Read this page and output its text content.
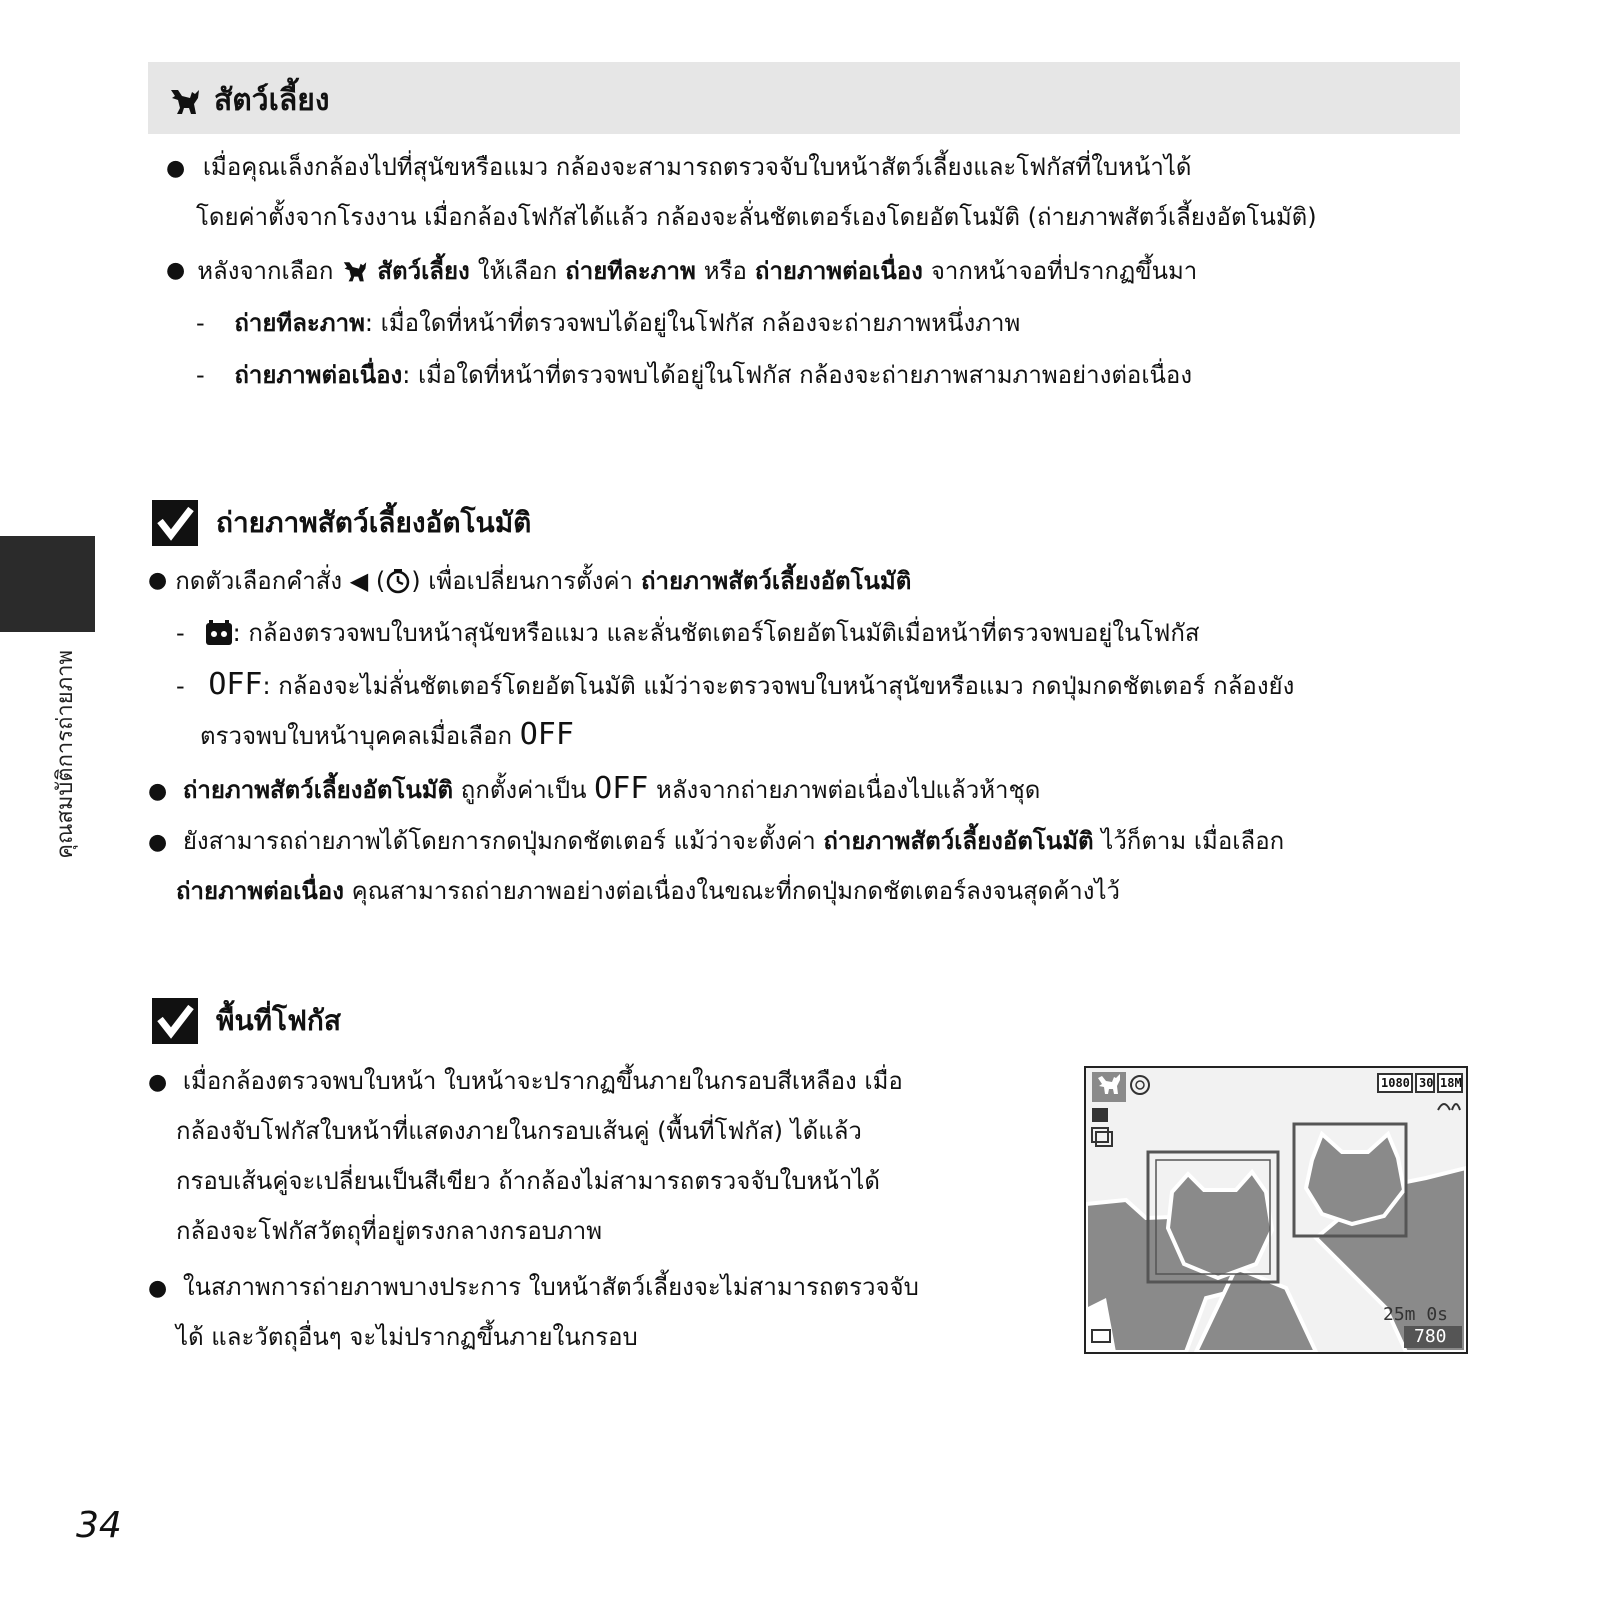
สัตว์เลี้ยง
● เมื่อคุณเล็งกล้องไปที่สุนัขหรือแมว กล้องจะสามารถตรวจจับใบหน้าสัตว์เลี้ยงและโฟกัสที่ใบหน้าได้
โดยค่าตั้งจากโรงงาน เมื่อกล้องโฟกัสได้แล้ว กล้องจะลั่นชัตเตอร์เองโดยอัตโนมัติ (ถ่ายภาพสัตว์เลี้ยงอัตโนมัติ)
● หลังจากเลือก สัตว์เลี้ยง ให้เลือก ถ่ายทีละภาพ หรือ ถ่ายภาพต่อเนื่อง จากหน้าจอที่ปรากฏขึ้นมา
- ถ่ายทีละภาพ: เมื่อใดที่หน้าที่ตรวจพบได้อยู่ในโฟกัส กล้องจะถ่ายภาพหนึ่งภาพ
- ถ่ายภาพต่อเนื่อง: เมื่อใดที่หน้าที่ตรวจพบได้อยู่ในโฟกัส กล้องจะถ่ายภาพสามภาพอย่างต่อเนื่อง
คุณสมบัติการถ่ายภาพ
ถ่ายภาพสัตว์เลี้ยงอัตโนมัติ
● กดตัวเลือกคำสั่ง ◀ ( ) เพื่อเปลี่ยนการตั้งค่า ถ่ายภาพสัตว์เลี้ยงอัตโนมัติ
- : กล้องตรวจพบใบหน้าสุนัขหรือแมว และลั่นชัตเตอร์โดยอัตโนมัติเมื่อหน้าที่ตรวจพบอยู่ในโฟกัส
- OFF: กล้องจะไม่ลั่นชัตเตอร์โดยอัตโนมัติ แม้ว่าจะตรวจพบใบหน้าสุนัขหรือแมว กดปุ่มกดชัตเตอร์ กล้องยัง
ตรวจพบใบหน้าบุคคลเมื่อเลือก OFF
● ถ่ายภาพสัตว์เลี้ยงอัตโนมัติ ถูกตั้งค่าเป็น OFF หลังจากถ่ายภาพต่อเนื่องไปแล้วห้าชุด
● ยังสามารถถ่ายภาพได้โดยการกดปุ่มกดชัตเตอร์ แม้ว่าจะตั้งค่า ถ่ายภาพสัตว์เลี้ยงอัตโนมัติ ไว้ก็ตาม เมื่อเลือก
ถ่ายภาพต่อเนื่อง คุณสามารถถ่ายภาพอย่างต่อเนื่องในขณะที่กดปุ่มกดชัตเตอร์ลงจนสุดค้างไว้
พื้นที่โฟกัส
● เมื่อกล้องตรวจพบใบหน้า ใบหน้าจะปรากฏขึ้นภายในกรอบสีเหลือง เมื่อ
กล้องจับโฟกัสใบหน้าที่แสดงภายในกรอบเส้นคู่ (พื้นที่โฟกัส) ได้แล้ว
กรอบเส้นคู่จะเปลี่ยนเป็นสีเขียว ถ้ากล้องไม่สามารถตรวจจับใบหน้าได้
กล้องจะโฟกัสวัตถุที่อยู่ตรงกลางกรอบภาพ
● ในสภาพการถ่ายภาพบางประการ ใบหน้าสัตว์เลี้ยงจะไม่สามารถตรวจจับ
ได้ และวัตถุอื่นๆ จะไม่ปรากฏขึ้นภายในกรอบ
1080 30 18M
25m 0s
780
34
